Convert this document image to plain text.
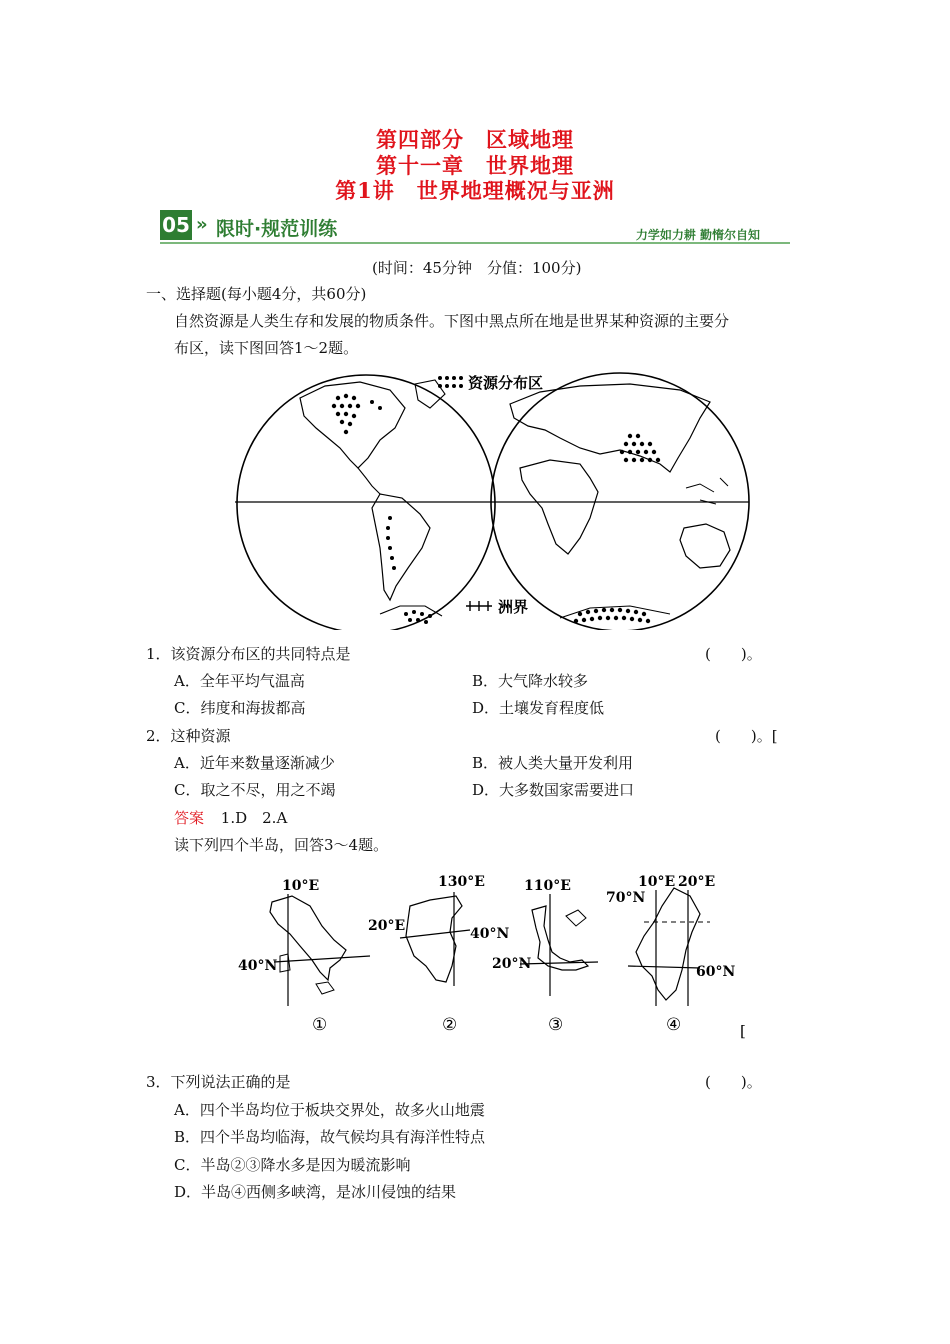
第四部分　区域地理
第十一章　世界地理
第1讲　世界地理概况与亚洲
05 » 限时·规范训练	力学如力耕 勤惰尔自知
(时间：45分钟　分值：100分)
一、选择题(每小题4分，共60分)
自然资源是人类生存和发展的物质条件。下图中黑点所在地是世界某种资源的主要分
布区，读下图回答1～2题。
资源分布区
洲界
1．该资源分布区的共同特点是	(　　)。
A．全年平均气温高	B．大气降水较多
C．纬度和海拔都高	D．土壤发育程度低
2．这种资源	(　　)。[
A．近年来数量逐渐减少	B．被人类大量开发利用
C．取之不尽，用之不竭	D．大多数国家需要进口
答案 1.D　2.A
读下列四个半岛，回答3～4题。
10°E
40°N
①
130°E
20°E	40°N
②
110°E
20°N
③
10°E 20°E
70°N
60°N
④	[
3．下列说法正确的是	(　　)。
A．四个半岛均位于板块交界处，故多火山地震
B．四个半岛均临海，故气候均具有海洋性特点
C．半岛②③降水多是因为暖流影响
D．半岛④西侧多峡湾，是冰川侵蚀的结果
